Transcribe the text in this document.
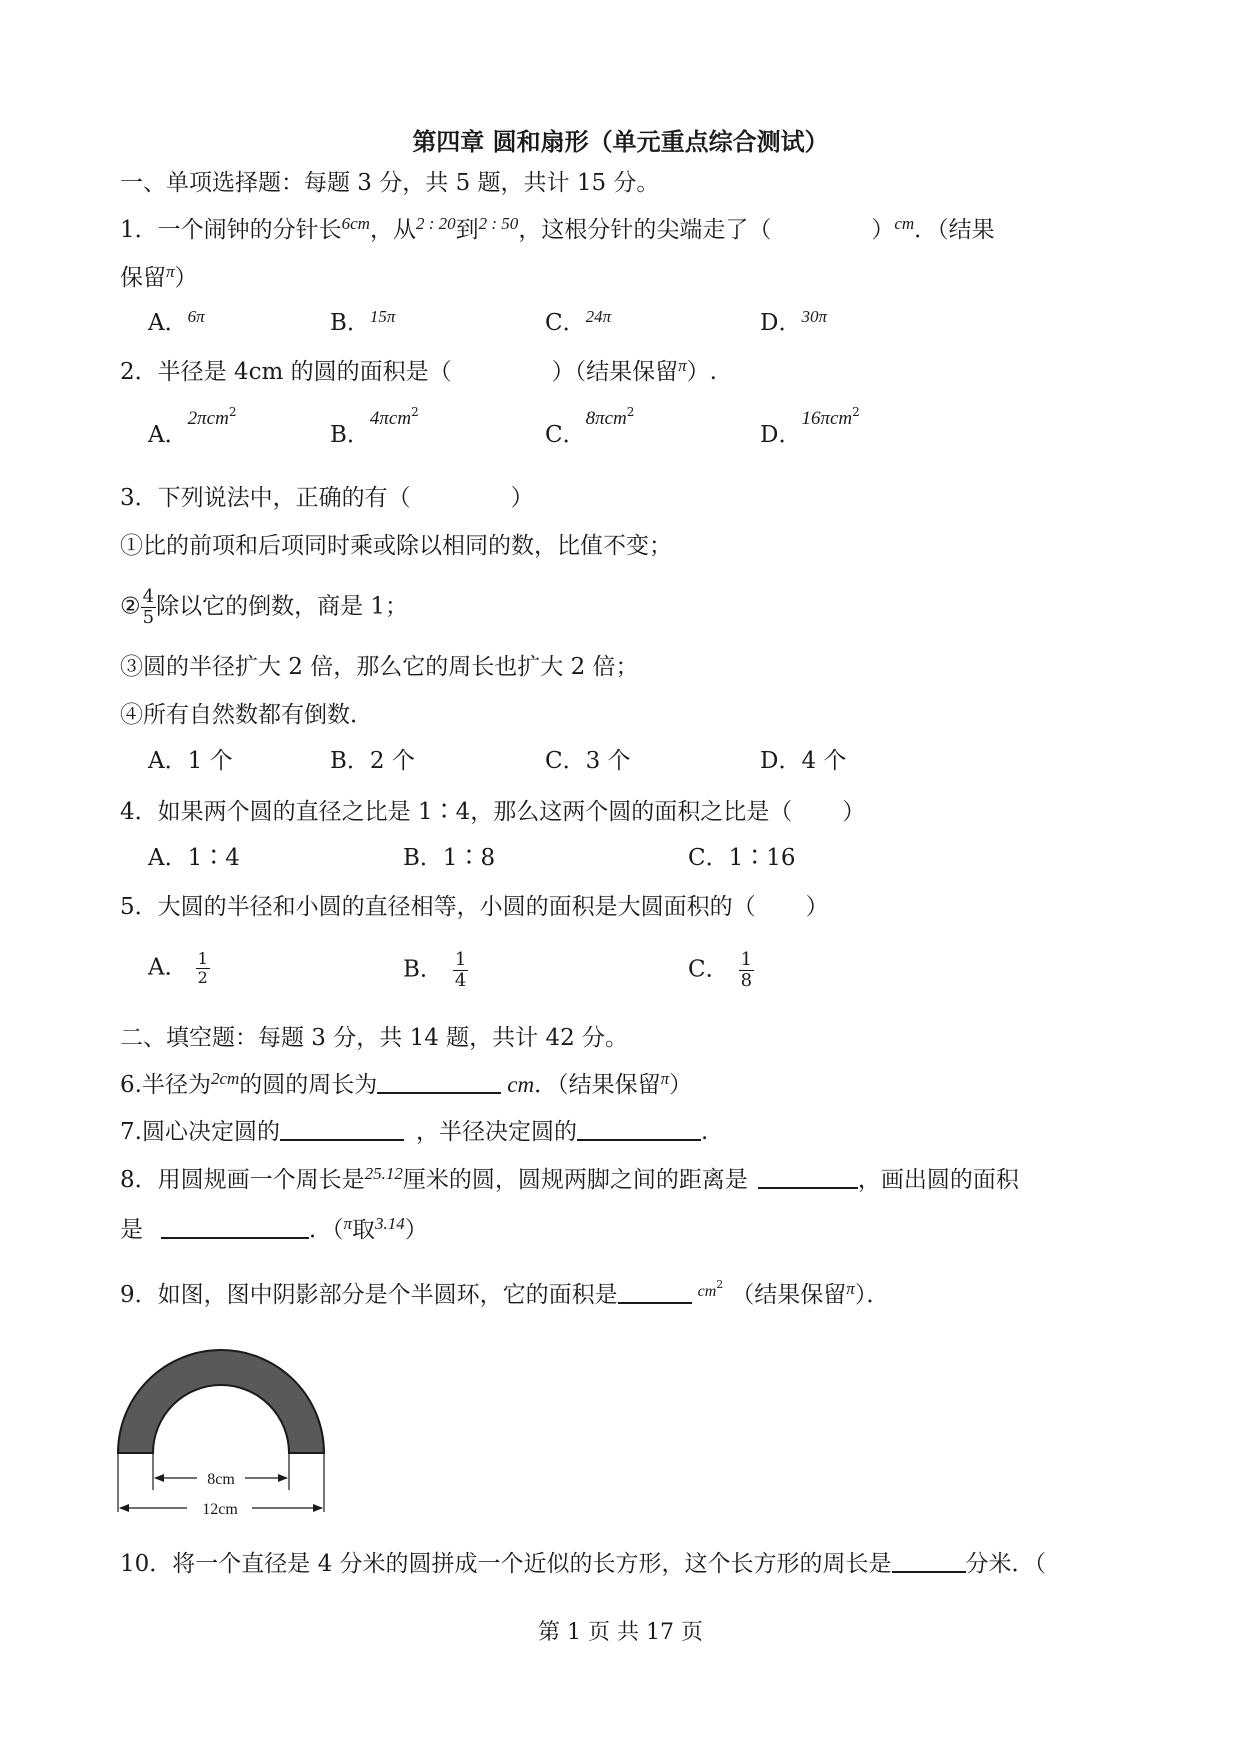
第四章 圆和扇形（单元重点综合测试）
一、单项选择题：每题 3 分，共 5 题，共计 15 分。
1．一个闹钟的分针长$^{6cm}$，从$^{2 : 20}$到$^{2 : 50}$，这根分针的尖端走了（	）$^{cm}$．（结果
保留$^\pi$）
A．$^{6\pi}$	B．$^{15\pi}$	C．$^{24\pi}$	D．$^{30\pi}$
2．半径是 4cm 的圆的面积是（	）（结果保留$^\pi$）.
A．$^{2\pi cm2}$
B．$^{4\pi cm2}$
C．$^{8\pi cm2}$
D．$^{16\pi cm2}$
3．下列说法中，正确的有（	）
①比的前项和后项同时乘或除以相同的数，比值不变；
② $\frac{4}{5}$ 除以它的倒数，商是 1；
③圆的半径扩大 2 倍，那么它的周长也扩大 2 倍；
④所有自然数都有倒数．
A．1 个	B．2 个	C．3 个	D．4 个
4．如果两个圆的直径之比是 1∶4，那么这两个圆的面积之比是（ ）
A．1∶4	B．1∶8	C．1∶16
5．大圆的半径和小圆的直径相等，小圆的面积是大圆面积的（ ）
A． $\frac{1}{2}$	B． $\frac{1}{4}$	C． $\frac{1}{8}$
二、填空题：每题 3 分，共 14 题，共计 42 分。
6.半径为$^{2cm}$的圆的周长为	cm．（结果保留$^\pi$）
7.圆心决定圆的	，半径决定圆的	.
8．用圆规画一个周长是$^{25.12}$厘米的圆，圆规两脚之间的距离是	，画出圆的面积
是	．（$^\pi$取$^{3.14}$）
9．如图，图中阴影部分是个半圆环，它的面积是	$^{cm2}$ （结果保留$^\pi$）．
8cm
12cm
10．将一个直径是 4 分米的圆拼成一个近似的长方形，这个长方形的周长是	分米．（
第 1 页 共 17 页
